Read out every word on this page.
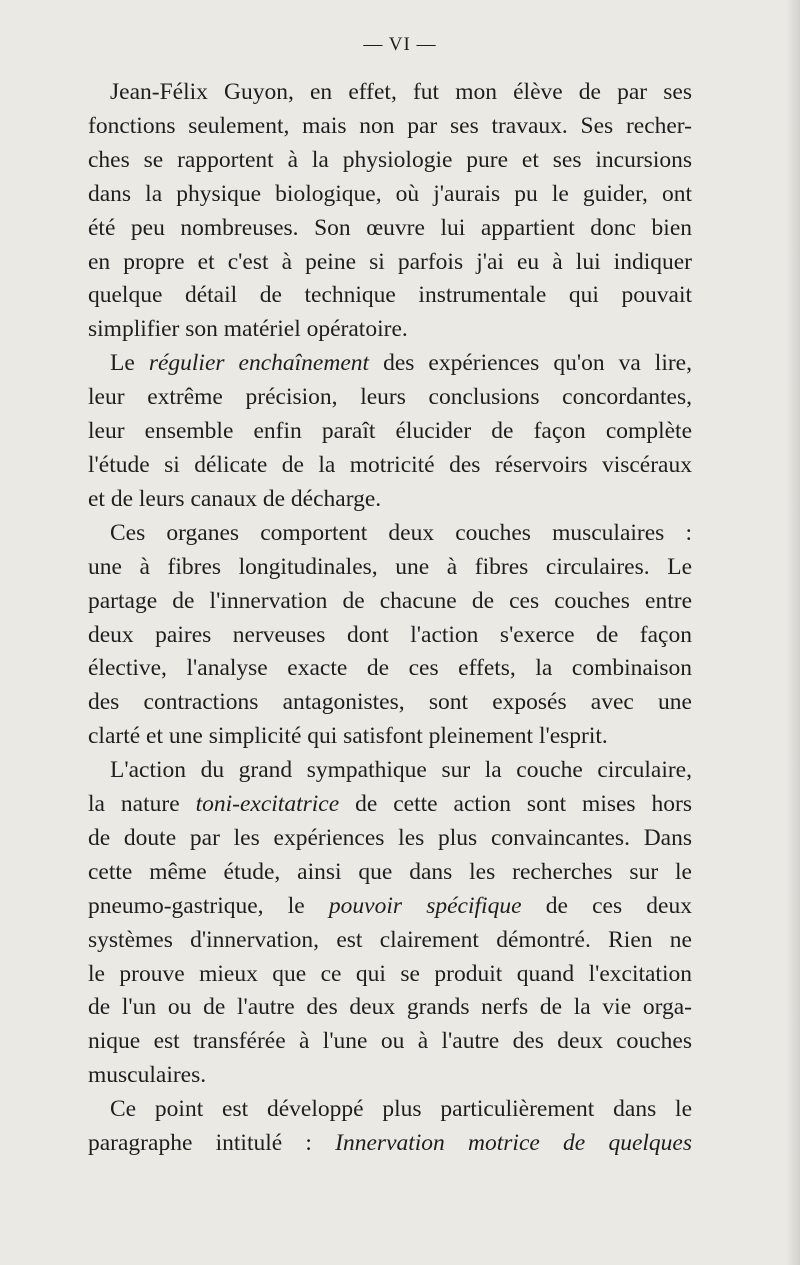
— VI —

Jean-Félix Guyon, en effet, fut mon élève de par ses
fonctions seulement, mais non par ses travaux. Ses recher-
ches se rapportent à la physiologie pure et ses incursions
dans la physique biologique, où j'aurais pu le guider, ont
été peu nombreuses. Son œuvre lui appartient donc bien
en propre et c'est à peine si parfois j'ai eu à lui indiquer
quelque détail de technique instrumentale qui pouvait
simplifier son matériel opératoire.

Le régulier enchaînement des expériences qu'on va lire,
leur extrême précision, leurs conclusions concordantes,
leur ensemble enfin paraît élucider de façon complète
l'étude si délicate de la motricité des réservoirs viscéraux
et de leurs canaux de décharge.

Ces organes comportent deux couches musculaires :
une à fibres longitudinales, une à fibres circulaires. Le
partage de l'innervation de chacune de ces couches entre
deux paires nerveuses dont l'action s'exerce de façon
élective, l'analyse exacte de ces effets, la combinaison
des contractions antagonistes, sont exposés avec une
clarté et une simplicité qui satisfont pleinement l'esprit.

L'action du grand sympathique sur la couche circulaire,
la nature toni-excitatrice de cette action sont mises hors
de doute par les expériences les plus convaincantes. Dans
cette même étude, ainsi que dans les recherches sur le
pneumo-gastrique, le pouvoir spécifique de ces deux
systèmes d'innervation, est clairement démontré. Rien ne
le prouve mieux que ce qui se produit quand l'excitation
de l'un ou de l'autre des deux grands nerfs de la vie orga-
nique est transférée à l'une ou à l'autre des deux couches
musculaires.

Ce point est développé plus particulièrement dans le
paragraphe intitulé : Innervation motrice de quelques
